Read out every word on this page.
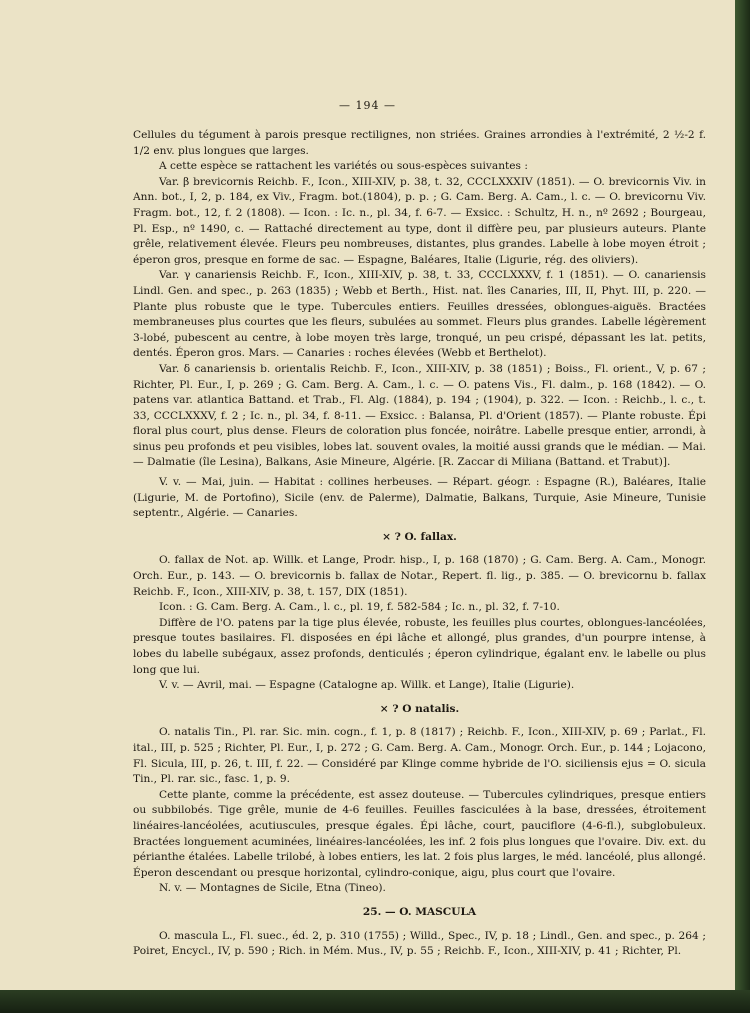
— 194 —

Cellules du tégument à parois presque rectilignes, non striées. Graines arrondies à l'extrémité, 2 ½-2 f. 1/2 env. plus longues que larges.

A cette espèce se rattachent les variétés ou sous-espèces suivantes :

Var. β brevicornis Reichb. F., Icon., XIII-XIV, p. 38, t. 32, CCCLXXXIV (1851). — O. brevicornis Viv. in Ann. bot., I, 2, p. 184, ex Viv., Fragm. bot.(1804), p. p. ; G. Cam. Berg. A. Cam., l. c. — O. brevicornu Viv. Fragm. bot., 12, f. 2 (1808). — Icon. : Ic. n., pl. 34, f. 6-7. — Exsicc. : Schultz, H. n., nº 2692 ; Bourgeau, Pl. Esp., nº 1490, c. — Rattaché directement au type, dont il diffère peu, par plusieurs auteurs. Plante grêle, relativement élevée. Fleurs peu nombreuses, distantes, plus grandes. Labelle à lobe moyen étroit ; éperon gros, presque en forme de sac. — Espagne, Baléares, Italie (Ligurie, rég. des oliviers).

Var. γ canariensis Reichb. F., Icon., XIII-XIV, p. 38, t. 33, CCCLXXXV, f. 1 (1851). — O. canariensis Lindl. Gen. and spec., p. 263 (1835) ; Webb et Berth., Hist. nat. îles Canaries, III, II, Phyt. III, p. 220. — Plante plus robuste que le type. Tubercules entiers. Feuilles dressées, oblongues-aiguës. Bractées membraneuses plus courtes que les fleurs, subulées au sommet. Fleurs plus grandes. Labelle légèrement 3-lobé, pubescent au centre, à lobe moyen très large, tronqué, un peu crispé, dépassant les lat. petits, dentés. Éperon gros. Mars. — Canaries : roches élevées (Webb et Berthelot).

Var. δ canariensis b. orientalis Reichb. F., Icon., XIII-XIV, p. 38 (1851) ; Boiss., Fl. orient., V, p. 67 ; Richter, Pl. Eur., I, p. 269 ; G. Cam. Berg. A. Cam., l. c. — O. patens Vis., Fl. dalm., p. 168 (1842). — O. patens var. atlantica Battand. et Trab., Fl. Alg. (1884), p. 194 ; (1904), p. 322. — Icon. : Reichb., l. c., t. 33, CCCLXXXV, f. 2 ; Ic. n., pl. 34, f. 8-11. — Exsicc. : Balansa, Pl. d'Orient (1857). — Plante robuste. Épi floral plus court, plus dense. Fleurs de coloration plus foncée, noirâtre. Labelle presque entier, arrondi, à sinus peu profonds et peu visibles, lobes lat. souvent ovales, la moitié aussi grands que le médian. — Mai. — Dalmatie (île Lesina), Balkans, Asie Mineure, Algérie. [R. Zaccar di Miliana (Battand. et Trabut)].

V. v. — Mai, juin. — Habitat : collines herbeuses. — Répart. géogr. : Espagne (R.), Baléares, Italie (Ligurie, M. de Portofino), Sicile (env. de Palerme), Dalmatie, Balkans, Turquie, Asie Mineure, Tunisie septentr., Algérie. — Canaries.

× ? O. fallax.

O. fallax de Not. ap. Willk. et Lange, Prodr. hisp., I, p. 168 (1870) ; G. Cam. Berg. A. Cam., Monogr. Orch. Eur., p. 143. — O. brevicornis b. fallax de Notar., Repert. fl. lig., p. 385. — O. brevicornu b. fallax Reichb. F., Icon., XIII-XIV, p. 38, t. 157, DIX (1851).

Icon. : G. Cam. Berg. A. Cam., l. c., pl. 19, f. 582-584 ; Ic. n., pl. 32, f. 7-10.

Diffère de l'O. patens par la tige plus élevée, robuste, les feuilles plus courtes, oblongues-lancéolées, presque toutes basilaires. Fl. disposées en épi lâche et allongé, plus grandes, d'un pourpre intense, à lobes du labelle subégaux, assez profonds, denticulés ; éperon cylindrique, égalant env. le labelle ou plus long que lui.

V. v. — Avril, mai. — Espagne (Catalogne ap. Willk. et Lange), Italie (Ligurie).

× ? O natalis.

O. natalis Tin., Pl. rar. Sic. min. cogn., f. 1, p. 8 (1817) ; Reichb. F., Icon., XIII-XIV, p. 69 ; Parlat., Fl. ital., III, p. 525 ; Richter, Pl. Eur., I, p. 272 ; G. Cam. Berg. A. Cam., Monogr. Orch. Eur., p. 144 ; Lojacono, Fl. Sicula, III, p. 26, t. III, f. 22. — Considéré par Klinge comme hybride de l'O. siciliensis ejus = O. sicula Tin., Pl. rar. sic., fasc. 1, p. 9.

Cette plante, comme la précédente, est assez douteuse. — Tubercules cylindriques, presque entiers ou subbilobés. Tige grêle, munie de 4-6 feuilles. Feuilles fasciculées à la base, dressées, étroitement linéaires-lancéolées, acutiuscules, presque égales. Épi lâche, court, pauciflore (4-6-fl.), subglobuleux. Bractées longuement acuminées, linéaires-lancéolées, les inf. 2 fois plus longues que l'ovaire. Div. ext. du périanthe étalées. Labelle trilobé, à lobes entiers, les lat. 2 fois plus larges, le méd. lancéolé, plus allongé. Éperon descendant ou presque horizontal, cylindro-conique, aigu, plus court que l'ovaire.

N. v. — Montagnes de Sicile, Etna (Tineo).

25. — O. MASCULA

O. mascula L., Fl. suec., éd. 2, p. 310 (1755) ; Willd., Spec., IV, p. 18 ; Lindl., Gen. and spec., p. 264 ; Poiret, Encycl., IV, p. 590 ; Rich. in Mém. Mus., IV, p. 55 ; Reichb. F., Icon., XIII-XIV, p. 41 ; Richter, Pl.
